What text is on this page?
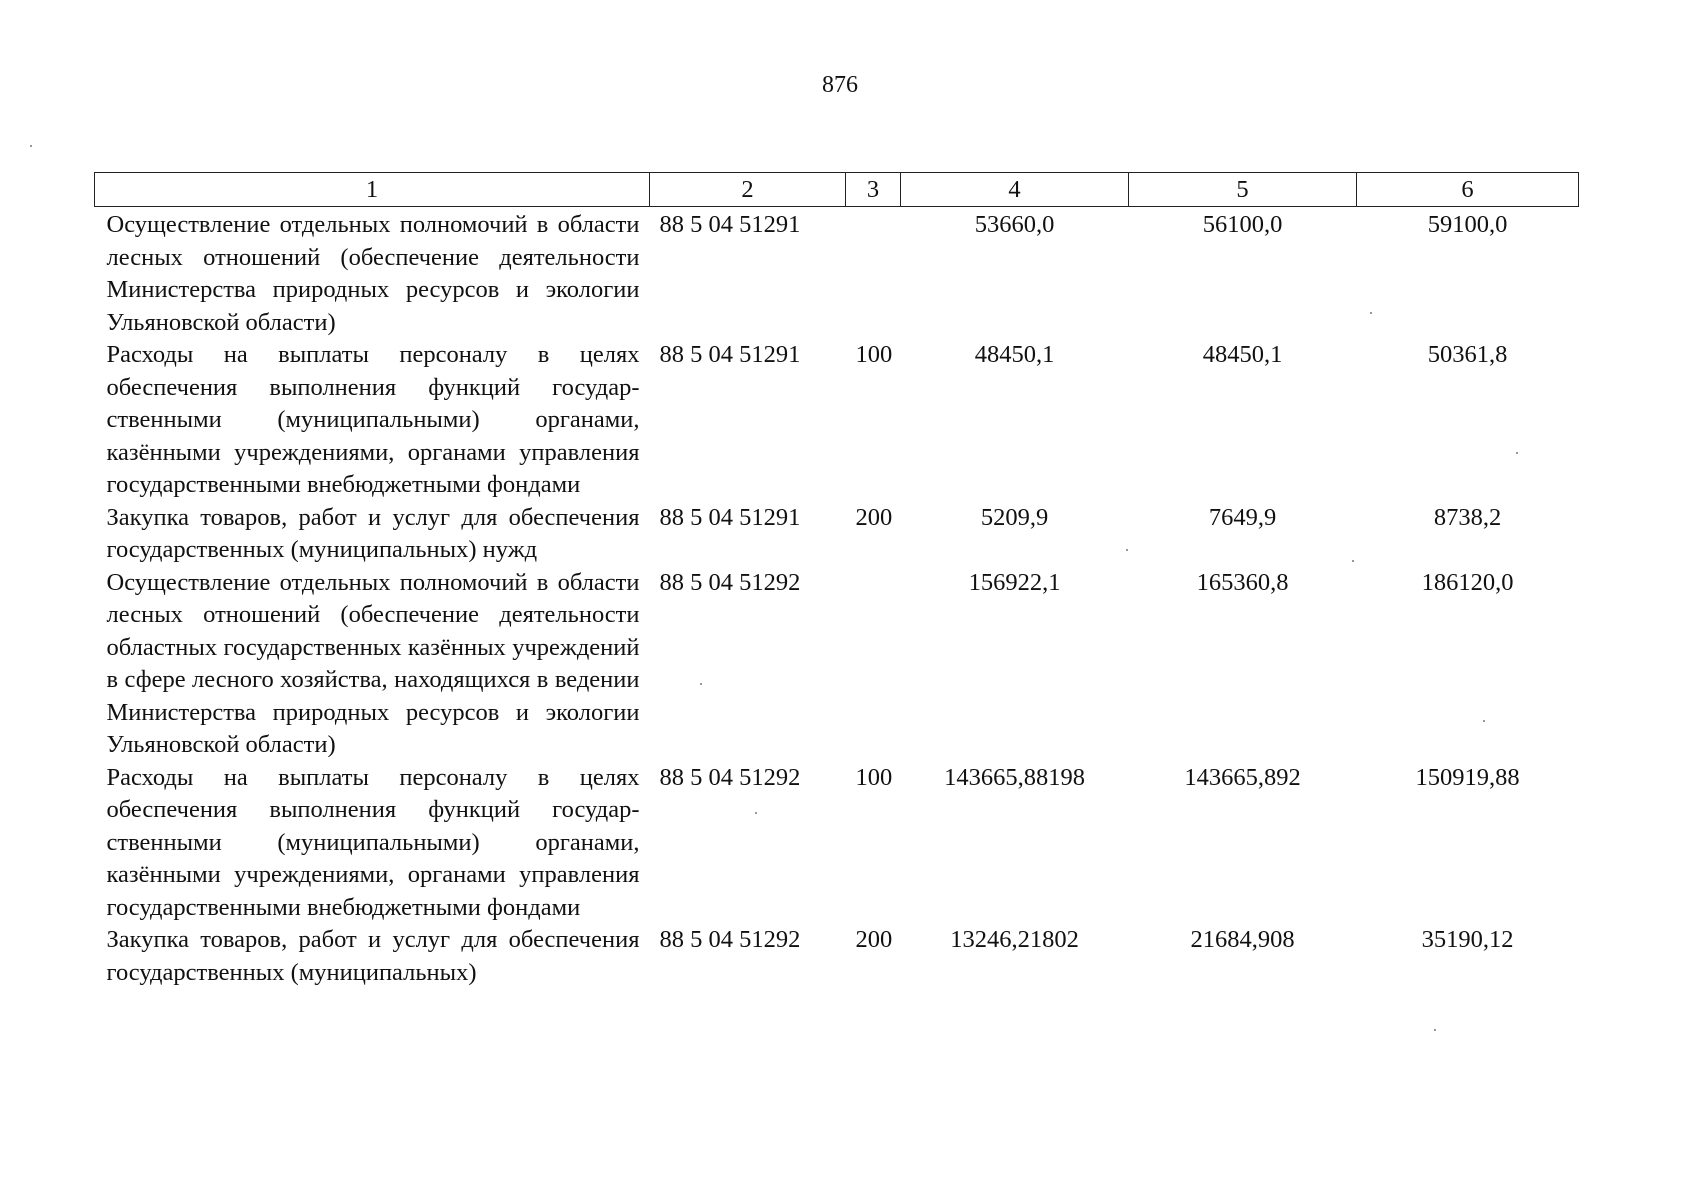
876
1	2	3	4	5	6
Осуществление отдельных полномочий в области лесных отношений (обеспечение деятельности Министерства природных ресурсов и экологии Ульяновской области)	88 5 04 51291		53660,0	56100,0	59100,0
Расходы на выплаты персоналу в целях обеспечения выполнения функций государственными (муниципальными) органами, казёнными учреждениями, органами управления государственными внебюджетными фондами	88 5 04 51291	100	48450,1	48450,1	50361,8
Закупка товаров, работ и услуг для обеспечения государственных (муниципальных) нужд	88 5 04 51291	200	5209,9	7649,9	8738,2
Осуществление отдельных полномочий в области лесных отношений (обеспечение деятельности областных государственных казённых учреждений в сфере лесного хозяйства, находящихся в ведении Министерства природных ресурсов и экологии Ульяновской области)	88 5 04 51292		156922,1	165360,8	186120,0
Расходы на выплаты персоналу в целях обеспечения выполнения функций государственными (муниципальными) органами, казёнными учреждениями, органами управления государственными внебюджетными фондами	88 5 04 51292	100	143665,88198	143665,892	150919,88
Закупка товаров, работ и услуг для обеспечения государственных (муниципальных)	88 5 04 51292	200	13246,21802	21684,908	35190,12
